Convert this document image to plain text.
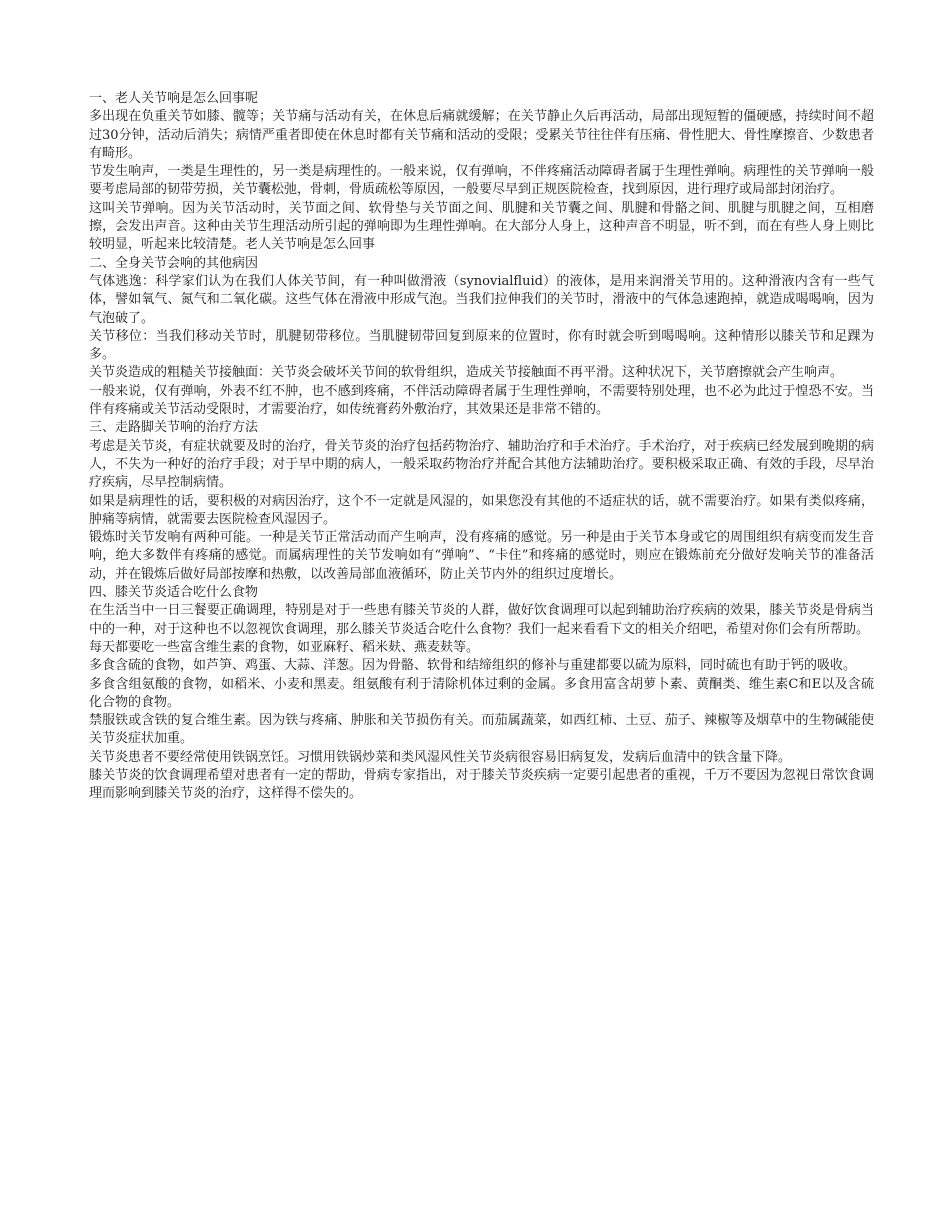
一、老人关节响是怎么回事呢

多出现在负重关节如膝、髋等；关节痛与活动有关，在休息后痛就缓解；在关节静止久后再活动，局部出现短暂的僵硬感，持续时间不超过30分钟，活动后消失；病情严重者即使在休息时都有关节痛和活动的受限；受累关节往往伴有压痛、骨性肥大、骨性摩擦音、少数患者有畸形。

节发生响声，一类是生理性的，另一类是病理性的。一般来说，仅有弹响，不伴疼痛活动障碍者属于生理性弹响。病理性的关节弹响一般要考虑局部的韧带劳损，关节囊松弛，骨刺，骨质疏松等原因，一般要尽早到正规医院检查，找到原因，进行理疗或局部封闭治疗。

这叫关节弹响。因为关节活动时，关节面之间、软骨垫与关节面之间、肌腱和关节囊之间、肌腱和骨骼之间、肌腱与肌腱之间，互相磨擦，会发出声音。这种由关节生理活动所引起的弹响即为生理性弹响。在大部分人身上，这种声音不明显，听不到，而在有些人身上则比较明显，听起来比较清楚。老人关节响是怎么回事

二、全身关节会响的其他病因

气体逃逸：科学家们认为在我们人体关节间，有一种叫做滑液（synovialfluid）的液体，是用来润滑关节用的。这种滑液内含有一些气体，譬如氧气、氮气和二氧化碳。这些气体在滑液中形成气泡。当我们拉伸我们的关节时，滑液中的气体急速跑掉，就造成喝喝响，因为气泡破了。

关节移位：当我们移动关节时，肌腱韧带移位。当肌腱韧带回复到原来的位置时，你有时就会听到喝喝响。这种情形以膝关节和足踝为多。

关节炎造成的粗糙关节接触面：关节炎会破坏关节间的软骨组织，造成关节接触面不再平滑。这种状况下，关节磨擦就会产生响声。

一般来说，仅有弹响，外表不红不肿，也不感到疼痛，不伴活动障碍者属于生理性弹响，不需要特别处理，也不必为此过于惶恐不安。当伴有疼痛或关节活动受限时，才需要治疗，如传统膏药外敷治疗，其效果还是非常不错的。

三、走路脚关节响的治疗方法

考虑是关节炎，有症状就要及时的治疗，骨关节炎的治疗包括药物治疗、辅助治疗和手术治疗。手术治疗，对于疾病已经发展到晚期的病人，不失为一种好的治疗手段；对于早中期的病人，一般采取药物治疗并配合其他方法辅助治疗。要积极采取正确、有效的手段，尽早治疗疾病，尽早控制病情。

如果是病理性的话，要积极的对病因治疗，这个不一定就是风湿的，如果您没有其他的不适症状的话，就不需要治疗。如果有类似疼痛，肿痛等病情，就需要去医院检查风湿因子。

锻炼时关节发响有两种可能。一种是关节正常活动而产生响声，没有疼痛的感觉。另一种是由于关节本身或它的周围组织有病变而发生音响，绝大多数伴有疼痛的感觉。而属病理性的关节发响如有“弹响”、“卡住”和疼痛的感觉时，则应在锻炼前充分做好发响关节的准备活动，并在锻炼后做好局部按摩和热敷，以改善局部血液循环，防止关节内外的组织过度增长。

四、膝关节炎适合吃什么食物

在生活当中一日三餐要正确调理，特别是对于一些患有膝关节炎的人群，做好饮食调理可以起到辅助治疗疾病的效果，膝关节炎是骨病当中的一种，对于这种也不以忽视饮食调理，那么膝关节炎适合吃什么食物？我们一起来看看下文的相关介绍吧，希望对你们会有所帮助。

每天都要吃一些富含维生素的食物，如亚麻籽、稻米麸、燕麦麸等。

多食含硫的食物，如芦笋、鸡蛋、大蒜、洋葱。因为骨骼、软骨和结缔组织的修补与重建都要以硫为原料，同时硫也有助于钙的吸收。

多食含组氨酸的食物，如稻米、小麦和黑麦。组氨酸有利于清除机体过剩的金属。多食用富含胡萝卜素、黄酮类、维生素C和E以及含硫化合物的食物。

禁服铁或含铁的复合维生素。因为铁与疼痛、肿胀和关节损伤有关。而茄属蔬菜，如西红柿、土豆、茄子、辣椒等及烟草中的生物碱能使关节炎症状加重。

关节炎患者不要经常使用铁锅烹饪。习惯用铁锅炒菜和类风湿风性关节炎病很容易旧病复发，发病后血清中的铁含量下降。

膝关节炎的饮食调理希望对患者有一定的帮助，骨病专家指出，对于膝关节炎疾病一定要引起患者的重视，千万不要因为忽视日常饮食调理而影响到膝关节炎的治疗，这样得不偿失的。
